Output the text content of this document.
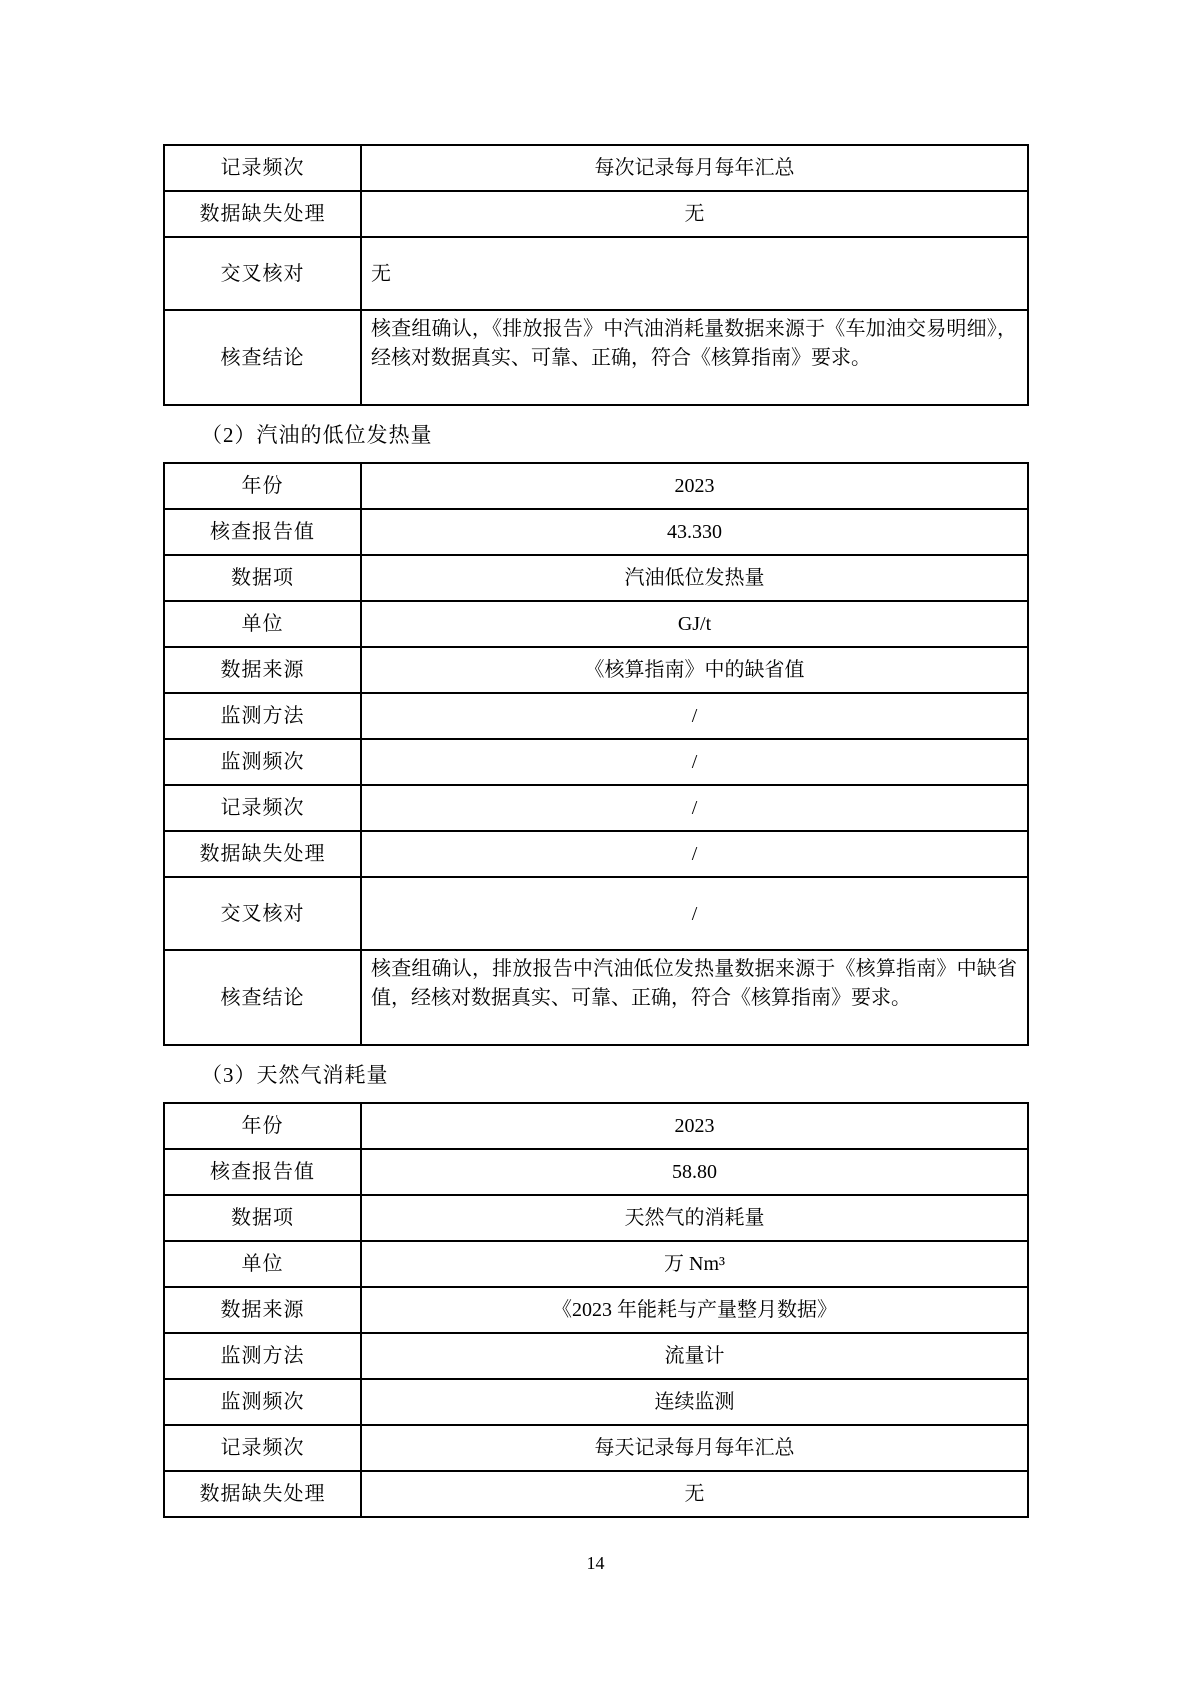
记录频次	每次记录每月每年汇总
数据缺失处理	无
交叉核对	无
核查结论	核查组确认，《排放报告》中汽油消耗量数据来源于《车加油交易明细》，经核对数据真实、可靠、正确，符合《核算指南》要求。
（2）汽油的低位发热量
年份	2023
核查报告值	43.330
数据项	汽油低位发热量
单位	GJ/t
数据来源	《核算指南》中的缺省值
监测方法	/
监测频次	/
记录频次	/
数据缺失处理	/
交叉核对	/
核查结论	核查组确认，排放报告中汽油低位发热量数据来源于《核算指南》中缺省值，经核对数据真实、可靠、正确，符合《核算指南》要求。
（3）天然气消耗量
年份	2023
核查报告值	58.80
数据项	天然气的消耗量
单位	万 Nm³
数据来源	《2023 年能耗与产量整月数据》
监测方法	流量计
监测频次	连续监测
记录频次	每天记录每月每年汇总
数据缺失处理	无
14
